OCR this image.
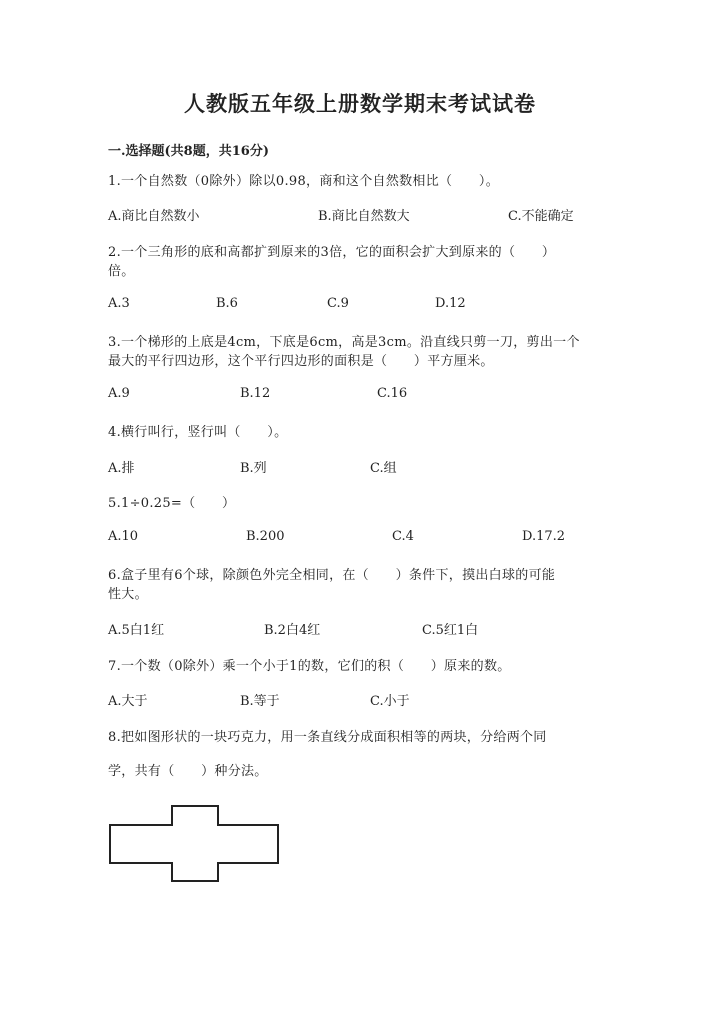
人教版五年级上册数学期末考试试卷
一.选择题(共8题，共16分)
1.一个自然数（0除外）除以0.98，商和这个自然数相比（　　）。
A.商比自然数小	B.商比自然数大	C.不能确定
2.一个三角形的底和高都扩到原来的3倍，它的面积会扩大到原来的（　　）
倍。
A.3	B.6	C.9	D.12
3.一个梯形的上底是4cm，下底是6cm，高是3cm。沿直线只剪一刀，剪出一个
最大的平行四边形，这个平行四边形的面积是（　　）平方厘米。
A.9	B.12	C.16
4.横行叫行，竖行叫（　　）。
A.排	B.列	C.组
5.1÷0.25=（　　）
A.10	B.200	C.4	D.17.2
6.盒子里有6个球，除颜色外完全相同，在（　　）条件下，摸出白球的可能
性大。
A.5白1红	B.2白4红	C.5红1白
7.一个数（0除外）乘一个小于1的数，它们的积（　　）原来的数。
A.大于	B.等于	C.小于
8.把如图形状的一块巧克力，用一条直线分成面积相等的两块，分给两个同
学，共有（　　）种分法。
